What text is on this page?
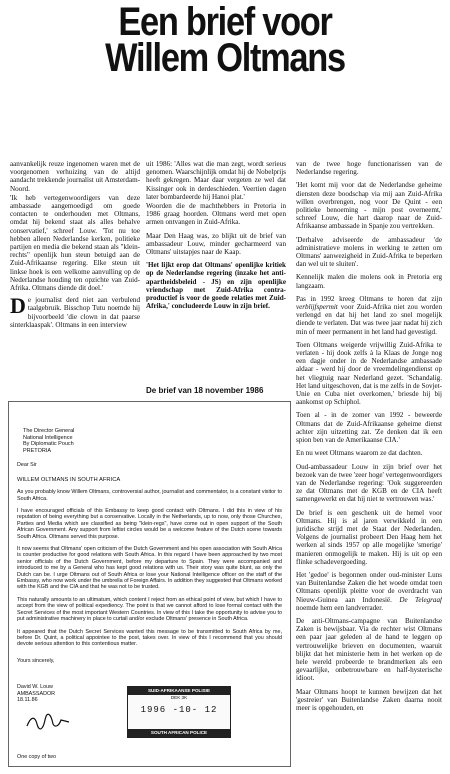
Een brief voor
Willem Oltmans

aanvankelijk reuze ingenomen waren met de voorgenomen verhuizing van de altijd aandacht trekkende journalist uit Amsterdam-Noord.

'Ik heb vertegenwoordigers van deze ambassade aangemoedigd om goede contacten te onderhouden met Oltmans, omdat hij bekend staat als alles behalve conservatief,' schreef Louw. 'Tot nu toe hebben alleen Nederlandse kerken, politieke partijen en media die bekend staan als "klein-rechts" openlijk hun steun betuigd aan de Zuid-Afrikaanse regering. Elke steun uit linkse hoek is een welkome aanvulling op de Nederlandse houding ten opzichte van Zuid-Afrika. Oltmans diende dit doel.'

De journalist derd niet aan verbulend taalgebruik. Bisschop Tutu noemde hij bijvoorbeeld 'die clown in dat paarse sinterklaaspak'. Oltmans in een interview

uit 1986: 'Alles wat die man zegt, wordt serieus genomen. Waarschijnlijk omdat hij de Nobelprijs heeft gekregen. Maar daar vergeten ze wel dat Kissinger ook in derdeschieden. Veertien dagen later bombardeerde hij Hanoi plat.'

Woorden die de machthebbers in Pretoria in 1986 graag hoorden. Oltmans werd met open armen ontvangen in Zuid-Afrika.

Maar Den Haag was, zo blijkt uit de brief van ambassadeur Louw, minder gecharmeerd van Oltmans' uitstapjes naar de Kaap.

'Het lijkt erop dat Oltmans' openlijke kritiek op de Nederlandse regering (inzake het anti-apartheidsbeleid - JS) en zijn openlijke vriendschap met Zuid-Afrika contra-productief is voor de goede relaties met Zuid-Afrika,' concludeerde Louw in zijn brief.

De brief van 18 november 1986
van de twee hoge functionarissen van de Nederlandse regering.
'Het komt mij voor dat de Nederlandse geheime diensten deze boodschap via mij aan Zuid-Afrika willen overbrengen, nog voor De Quint - een politieke benoeming - mijn post overneemt,' schreef Louw, die hart daarop naar de Zuid-Afrikaanse ambassade in Spanje zou vertrekken.
'Derhalve adviseerde de ambassadeur 'de administratieve molens in werking te zetten om Oltmans' aanwezigheid in Zuid-Afrika te beperken dan wel uit te sluiten'.
Kennelijk malen die molens ook in Pretoria erg langzaam.
Pas in 1992 kreeg Oltmans te horen dat zijn verblijfspermit voor Zuid-Afrika niet zou worden verlengd en dat hij het land zo snel mogelijk diende te verlaten. Dat was twee jaar nadat hij zich min of meer permanent in het land had gevestigd.
Toen Oltmans weigerde vrijwillig Zuid-Afrika te verlaten - hij dook zelfs à la Klaas de Jonge nog een dagje onder in de Nederlandse ambassade aldaar - werd hij door de vreemdelingendienst op het vliegtuig naar Nederland gezet. 'Schandalig. Het land uitgeschoven, dat is me zelfs in de Sovjet-Unie en Cuba niet overkomen,' briesde hij bij aankomst op Schiphol.
Toen al - in de zomer van 1992 - beweerde Oltmans dat de Zuid-Afrikaanse geheime dienst achter zijn uitzetting zat. 'Ze denken dat ik een spion ben van de Amerikaanse CIA.'
En nu weet Oltmans waarom ze dat dachten.
Oud-ambassadeur Louw in zijn brief over het bezoek van de twee 'zeer hoge' vertegenwoordigers van de Nederlandse regering: 'Ook suggereerden ze dat Oltmans met de KGB en de CIA heeft samengewerkt en dat hij niet te vertrouwen was.'
De brief is een geschenk uit de hemel voor Oltmans. Hij is al jaren verwikkeld in een juridische strijd met de Staat der Nederlanden. Volgens de journalist probeert Den Haag hem het werken al sinds 1957 op alle mogelijke 'smerige' manieren onmogelijk te maken. Hij is uit op een flinke schadevergoeding.
Het 'gedoe' is begonnen onder oud-minister Luns van Buitenlandse Zaken die het woede omdat toen Oltmans openlijk pleitte voor de overdracht van Nieuw-Guinea aan Indonesië. De Telegraaf noemde hem een landverrader.
De anti-Oltmans-campagne van Buitenlandse Zaken is bewijsbaar. Via de rechter wist Oltmans een paar jaar geleden al de hand te leggen op vertrouwelijke brieven en documenten, waaruit blijkt dat het ministerie hem in het werken op de hele wereld probeerde te brandmerken als een gevaarlijke, onbetrouwbare en half-hysterische idioot.
Maar Oltmans hoopt te kunnen bewijzen dat het 'gestreier' van Buitenlandse Zaken daarna nooit meer is opgehouden, en
The Director General
National Intelligence
By Diplomatic Pouch
PRETORIA
Dear Sir
WILLEM OLTMANS IN SOUTH AFRICA
As you probably know Willem Oltmans, controversial author, journalist and commentator, is a constant visitor to South Africa.
I have encouraged officials of this Embassy to keep good contact with Oltmans. I did this in view of his reputation of being everything but a conservative. Locally in the Netherlands, up to now, only those Churches, Parties and Media which are classified as being "klein-regs", have come out in open support of the South African Government. Any support from leftist circles would be a welcome feature of the Dutch scene towards South Africa. Oltmans served this purpose.
It now seems that Oltmans' open criticism of the Dutch Government and his open association with South Africa is counter productive for good relations with South Africa. In this regard I have been approached by two most senior officials of the Dutch Government, before my departure to Spain. They were accompanied and introduced to me by a General who has kept good relations with us. Their story was quite blunt, as only the Dutch can be. I urge Oltmans out of South Africa or lose your National Intelligence officer on the staff of the Embassy, who now work under the umbrella of Foreign Affairs. In addition they suggested that Oltmans worked with the KGB and the CIA and that he was not to be trusted.
This naturally amounts to an ultimatum, which content I reject from an ethical point of view, but which I have to accept from the view of political expediency. The point is that we cannot afford to lose formal contact with the Secret Services of the most important Western Countries. In view of this I take the opportunity to advise you to put administrative machinery in place to curtail and/or exclude Oltmans' presence in South Africa.
It appeared that the Dutch Secret Services wanted this message to be transmitted to South Africa by me, before Dr. Quint, a political appointee to the post, takes over. In view of this I recommend that you should devote serious attention to this contentious matter.
Yours sincerely,
David W. Louw
AMBASSADOR
18.11.86
One copy of two
SUID-AFRIKAANSE POLISIE
DEK 3K
1996 -10- 12
SOUTH AFRICAN POLICE
